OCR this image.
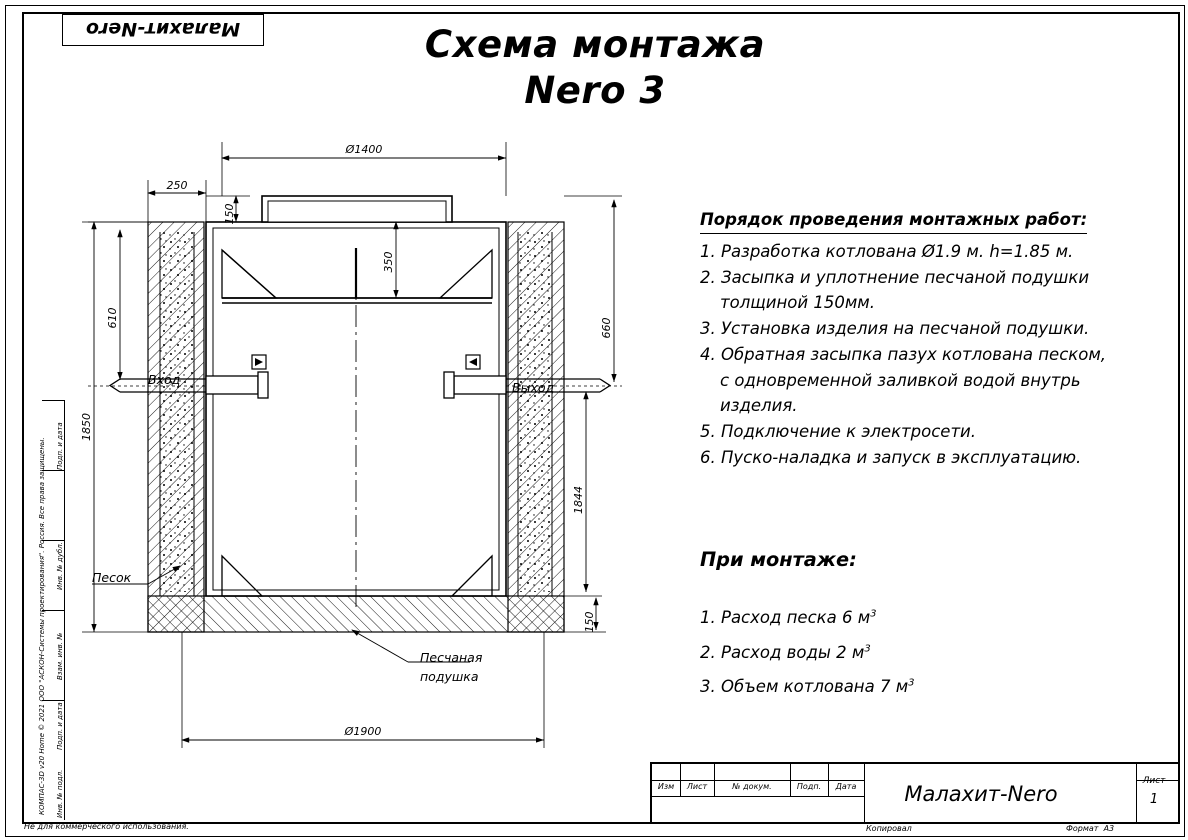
КОМПАС-3D v20 Home © 2021 ООО "АСКОН-Системы проектирования". Россия. Все права защищены. Подп. и дата
Инв. № дубл.
Взам. инв. №
Подп. и дата
Инв. № подл.
Малахит-Nero	Схема монтажа
Nero 3
Ø1400
250
150
350
610
1850
660
1844
150
Ø1900
Вход
Выход
Песок
Песчаная
подушка
Порядок проведения монтажных работ:
1. Разработка котлована Ø1.9 м. h=1.85 м.
2. Засыпка и уплотнение песчаной подушки
толщиной 150мм.
3. Установка изделия на песчаной подушки.
4. Обратная засыпка пазух котлована песком,
с одновременной заливкой водой внутрь
изделия.
5. Подключение к электросети.
6. Пуско-наладка и запуск в эксплуатацию.
При монтаже:
1. Расход песка 6 $м^3$
2. Расход воды 2 $м^3$
3. Объем котлована 7 $м^3$
Изм	Лист	№ докум.	Подп.	Дата	Малахит-Nero
Лист
1
Не для коммерческого использования.	Копировал	Формат А3
